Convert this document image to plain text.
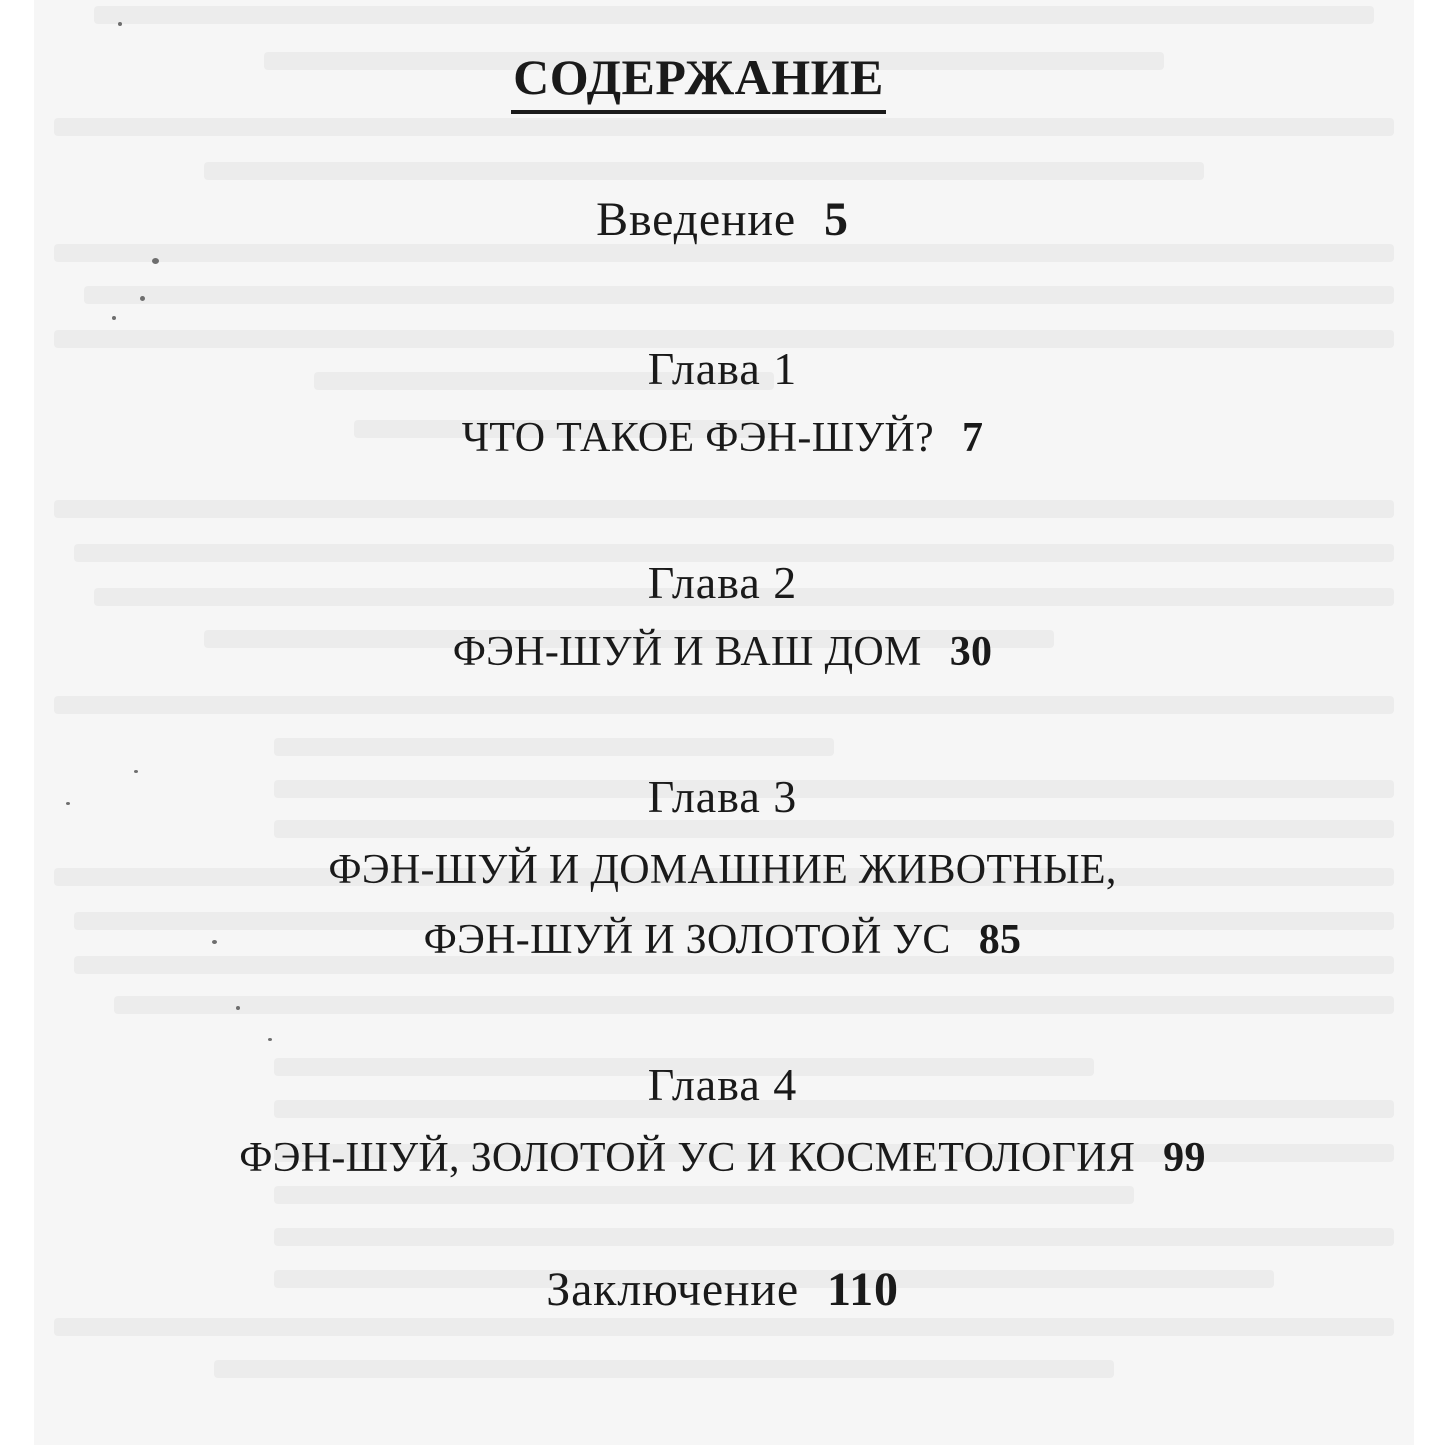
СОДЕРЖАНИЕ
Введение 5
Глава 1
ЧТО ТАКОЕ ФЭН-ШУЙ? 7
Глава 2
ФЭН-ШУЙ И ВАШ ДОМ 30
Глава 3
ФЭН-ШУЙ И ДОМАШНИЕ ЖИВОТНЫЕ,
ФЭН-ШУЙ И ЗОЛОТОЙ УС 85
Глава 4
ФЭН-ШУЙ, ЗОЛОТОЙ УС И КОСМЕТОЛОГИЯ 99
Заключение 110
